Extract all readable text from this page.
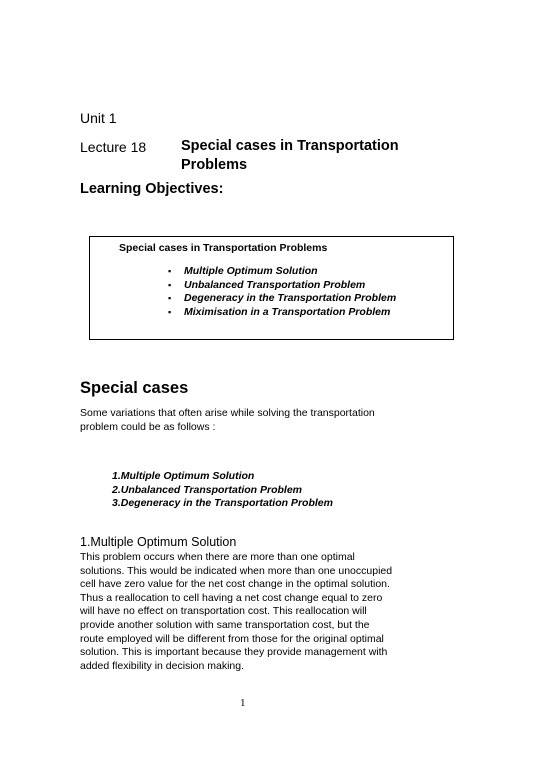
Unit 1
Lecture 18 Special cases in Transportation Problems
Learning Objectives:
Special cases in Transportation Problems
▪ Multiple Optimum Solution
▪ Unbalanced Transportation Problem
▪ Degeneracy in the Transportation Problem
▪ Miximisation in a Transportation Problem
Special cases
Some variations that often arise while solving the transportation
problem could be as follows :
1.Multiple Optimum Solution
2.Unbalanced Transportation Problem
3.Degeneracy in the Transportation Problem
1.Multiple Optimum Solution
This problem occurs when there are more than one optimal
solutions. This would be indicated when more than one unoccupied
cell have zero value for the net cost change in the optimal solution.
Thus a reallocation to cell having a net cost change equal to zero
will have no effect on transportation cost. This reallocation will
provide another solution with same transportation cost, but the
route employed will be different from those for the original optimal
solution. This is important because they provide management with
added flexibility in decision making.
1
